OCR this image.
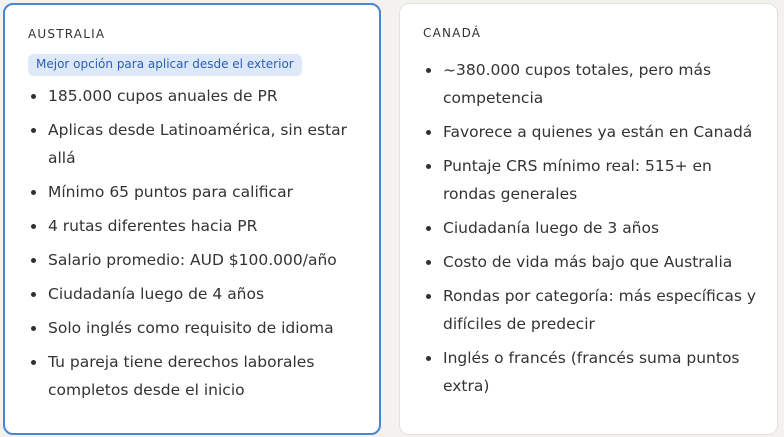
AUSTRALIA
Mejor opción para aplicar desde el exterior
185.000 cupos anuales de PR
Aplicas desde Latinoamérica, sin estar allá
Mínimo 65 puntos para calificar
4 rutas diferentes hacia PR
Salario promedio: AUD $100.000/año
Ciudadanía luego de 4 años
Solo inglés como requisito de idioma
Tu pareja tiene derechos laborales completos desde el inicio
CANADÁ
~380.000 cupos totales, pero más competencia
Favorece a quienes ya están en Canadá
Puntaje CRS mínimo real: 515+ en rondas generales
Ciudadanía luego de 3 años
Costo de vida más bajo que Australia
Rondas por categoría: más específicas y difíciles de predecir
Inglés o francés (francés suma puntos extra)
